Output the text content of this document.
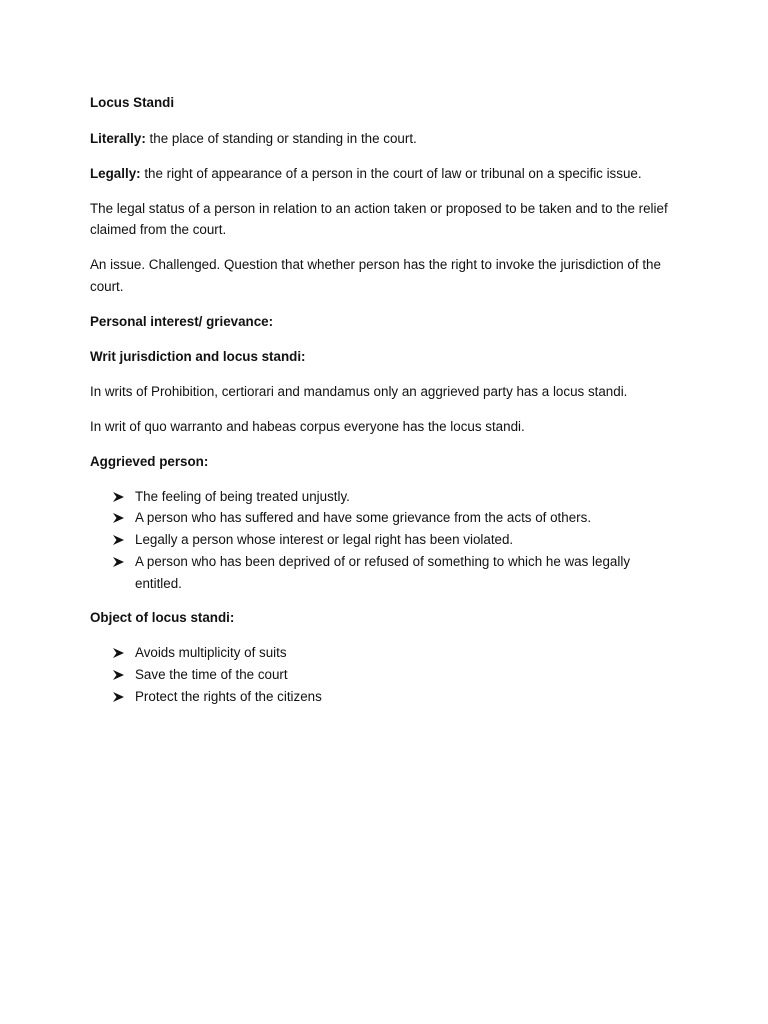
Locus Standi

Literally: the place of standing or standing in the court.

Legally: the right of appearance of a person in the court of law or tribunal on a specific issue.

The legal status of a person in relation to an action taken or proposed to be taken and to the relief claimed from the court.

An issue. Challenged. Question that whether person has the right to invoke the jurisdiction of the court.

Personal interest/ grievance:

Writ jurisdiction and locus standi:

In writs of Prohibition, certiorari and mandamus only an aggrieved party has a locus standi.

In writ of quo warranto and habeas corpus everyone has the locus standi.

Aggrieved person:

The feeling of being treated unjustly.
A person who has suffered and have some grievance from the acts of others.
Legally a person whose interest or legal right has been violated.
A person who has been deprived of or refused of something to which he was legally entitled.

Object of locus standi:

Avoids multiplicity of suits
Save the time of the court
Protect the rights of the citizens
